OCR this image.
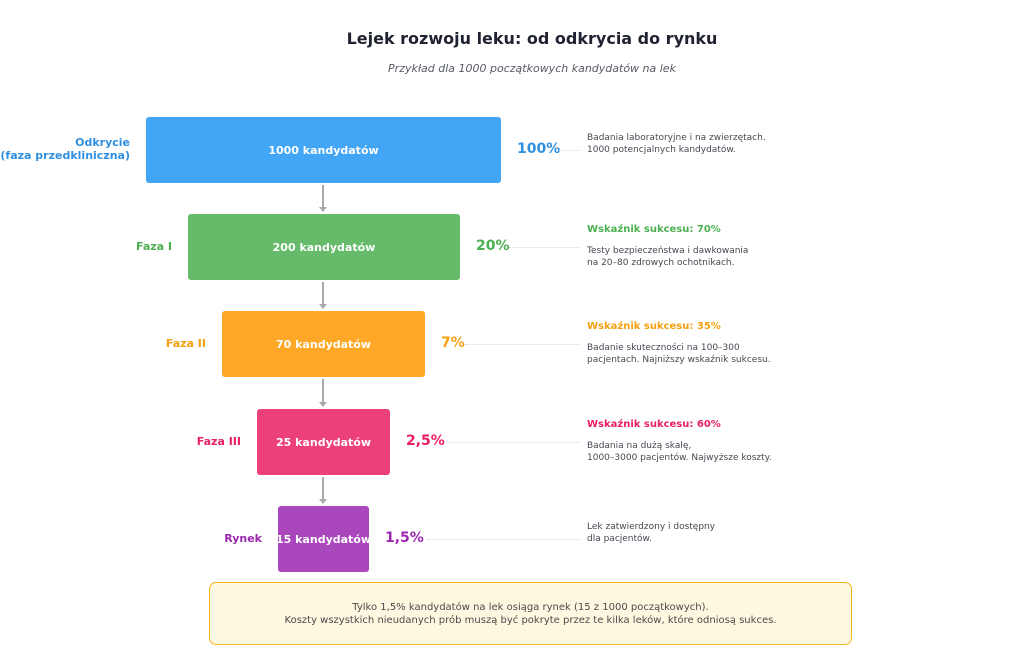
Lejek rozwoju leku: od odkrycia do rynku
Przykład dla 1000 początkowych kandydatów na lek
1000 kandydatów
Odkrycie
(faza przedkliniczna)	100%
Badania laboratoryjne i na zwierzętach.
1000 potencjalnych kandydatów.
200 kandydatów
Faza I	20%
Wskaźnik sukcesu: 70%
Testy bezpieczeństwa i dawkowania
na 20–80 zdrowych ochotnikach.
70 kandydatów
Faza II	7%
Wskaźnik sukcesu: 35%
Badanie skuteczności na 100–300
pacjentach. Najniższy wskaźnik sukcesu.
25 kandydatów
Faza III	2,5%
Wskaźnik sukcesu: 60%
Badania na dużą skalę,
1000–3000 pacjentów. Najwyższe koszty.
15 kandydatów
Rynek	1,5%
Lek zatwierdzony i dostępny
dla pacjentów.
Tylko 1,5% kandydatów na lek osiąga rynek (15 z 1000 początkowych).
Koszty wszystkich nieudanych prób muszą być pokryte przez te kilka leków, które odniosą sukces.
